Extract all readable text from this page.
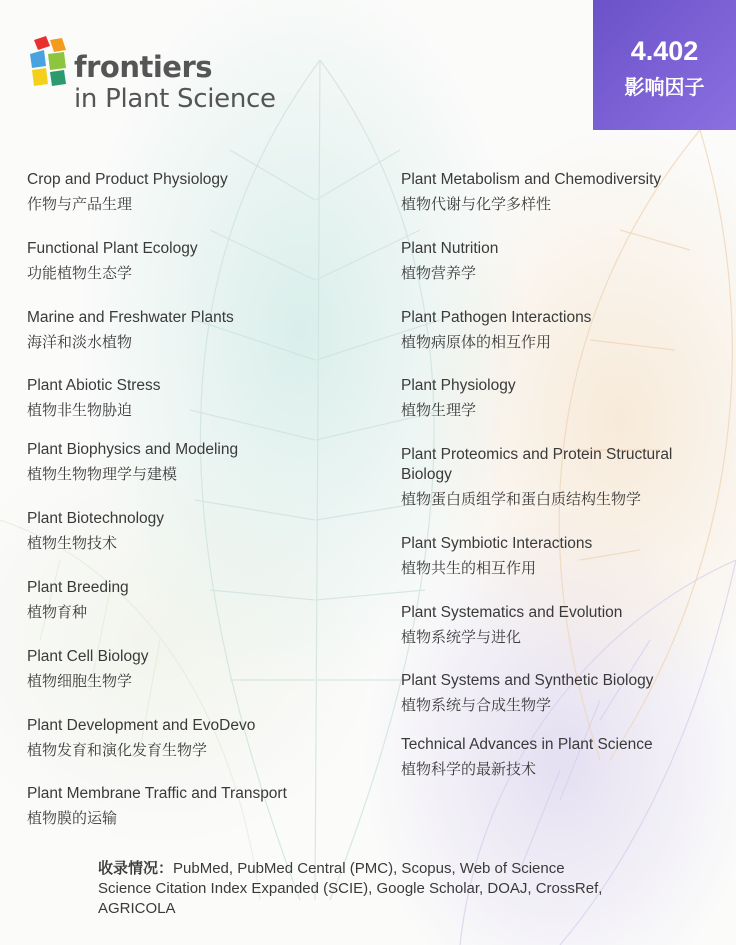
frontiers
in Plant Science
4.402
影响因子
Crop and Product Physiology
作物与产品生理
Functional Plant Ecology
功能植物生态学
Marine and Freshwater Plants
海洋和淡水植物
Plant Abiotic Stress
植物非生物胁迫
Plant Biophysics and Modeling
植物生物物理学与建模
Plant Biotechnology
植物生物技术
Plant Breeding
植物育种
Plant Cell Biology
植物细胞生物学
Plant Development and EvoDevo
植物发育和演化发育生物学
Plant Membrane Traffic and Transport
植物膜的运输
Plant Metabolism and Chemodiversity
植物代谢与化学多样性
Plant Nutrition
植物营养学
Plant Pathogen Interactions
植物病原体的相互作用
Plant Physiology
植物生理学
Plant Proteomics and Protein Structural Biology
植物蛋白质组学和蛋白质结构生物学
Plant Symbiotic Interactions
植物共生的相互作用
Plant Systematics and Evolution
植物系统学与进化
Plant Systems and Synthetic Biology
植物系统与合成生物学
Technical Advances in Plant Science
植物科学的最新技术
收录情况：PubMed, PubMed Central (PMC), Scopus, Web of Science
Science Citation Index Expanded (SCIE), Google Scholar, DOAJ, CrossRef,
AGRICOLA
